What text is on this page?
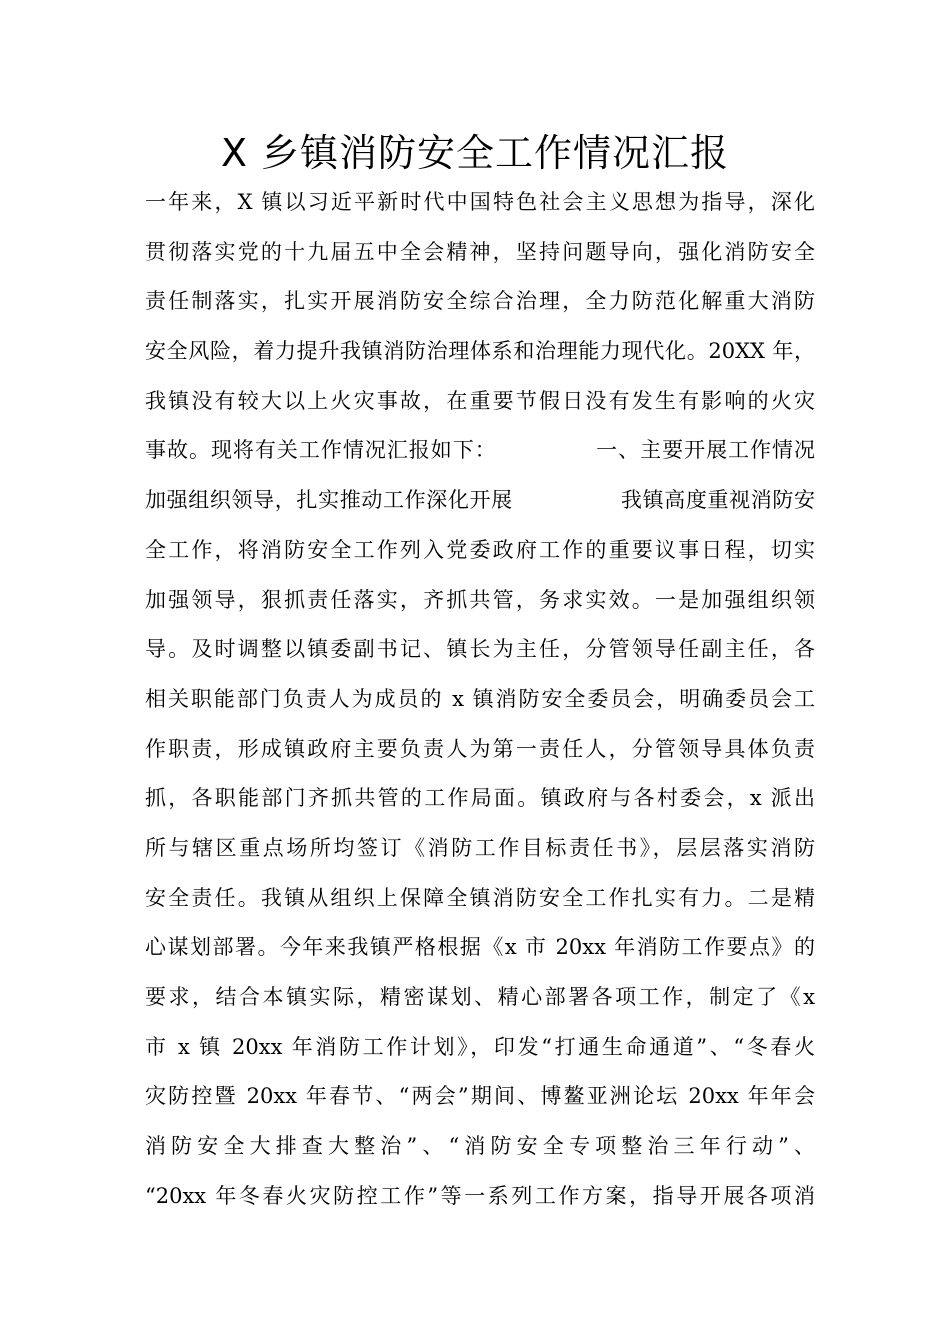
X 乡镇消防安全工作情况汇报
一年来，X 镇以习近平新时代中国特色社会主义思想为指导，深化
贯彻落实党的十九届五中全会精神，坚持问题导向，强化消防安全
责任制落实，扎实开展消防安全综合治理，全力防范化解重大消防
安全风险，着力提升我镇消防治理体系和治理能力现代化。20XX 年，
我镇没有较大以上火灾事故，在重要节假日没有发生有影响的火灾
事故。现将有关工作情况汇报如下：　　　　　一、主要开展工作情况
加强组织领导，扎实推动工作深化开展　　　　　我镇高度重视消防安
全工作，将消防安全工作列入党委政府工作的重要议事日程，切实
加强领导，狠抓责任落实，齐抓共管，务求实效。一是加强组织领
导。及时调整以镇委副书记、镇长为主任，分管领导任副主任，各
相关职能部门负责人为成员的 x 镇消防安全委员会，明确委员会工
作职责，形成镇政府主要负责人为第一责任人，分管领导具体负责
抓，各职能部门齐抓共管的工作局面。镇政府与各村委会，x 派出
所与辖区重点场所均签订《消防工作目标责任书》，层层落实消防
安全责任。我镇从组织上保障全镇消防安全工作扎实有力。二是精
心谋划部署。今年来我镇严格根据《x 市 20xx 年消防工作要点》的
要求，结合本镇实际，精密谋划、精心部署各项工作，制定了《x
市 x 镇 20xx 年消防工作计划》，印发“打通生命通道”、“冬春火
灾防控暨 20xx 年春节、“两会”期间、博鳌亚洲论坛 20xx 年年会
消防安全大排查大整治”、“消防安全专项整治三年行动”、
“20xx 年冬春火灾防控工作”等一系列工作方案，指导开展各项消
